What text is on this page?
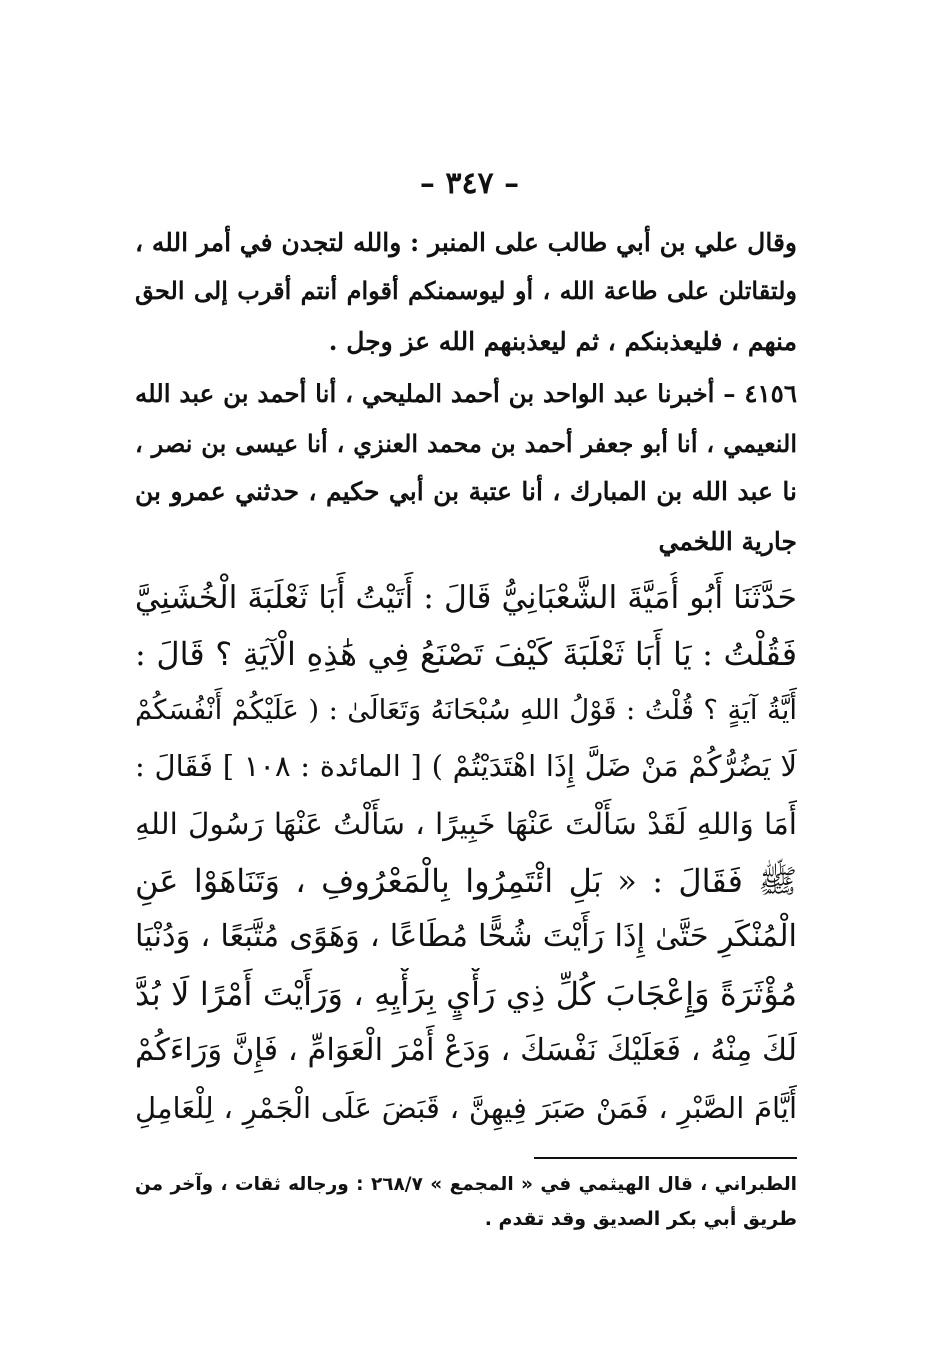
– ٣٤٧ –
وقال علي بن أبي طالب على المنبر : والله لتجدن في أمر الله ،
ولتقاتلن على طاعة الله ، أو ليوسمنكم أقوام أنتم أقرب إلى الحق
منهم ، فليعذبنكم ، ثم ليعذبنهم الله عز وجل .
٤١٥٦ – أخبرنا عبد الواحد بن أحمد المليحي ، أنا أحمد بن عبد الله
النعيمي ، أنا أبو جعفر أحمد بن محمد العنزي ، أنا عيسى بن نصر ،
نا عبد الله بن المبارك ، أنا عتبة بن أبي حكيم ، حدثني عمرو بن
جارية اللخمي
حَدَّثَنَا أَبُو أُمَيَّةَ الشَّعْبَانِيُّ قَالَ : أَتَيْتُ أَبَا ثَعْلَبَةَ الْخُشَنِيَّ
فَقُلْتُ : يَا أَبَا ثَعْلَبَةَ كَيْفَ تَصْنَعُ فِي هَٰذِهِ الْآيَةِ ؟ قَالَ :
أَيَّةُ آيَةٍ ؟ قُلْتُ : قَوْلُ اللهِ سُبْحَانَهُ وَتَعَالَىٰ : ( عَلَيْكُمْ أَنْفُسَكُمْ
لَا يَضُرُّكُمْ مَنْ ضَلَّ إِذَا اهْتَدَيْتُمْ ) [ المائدة : ١٠٨ ] فَقَالَ :
أَمَا وَاللهِ لَقَدْ سَأَلْتَ عَنْهَا خَبِيرًا ، سَأَلْتُ عَنْهَا رَسُولَ اللهِ
ﷺ فَقَالَ : « بَلِ ائْتَمِرُوا بِالْمَعْرُوفِ ، وَتَنَاهَوْا عَنِ
الْمُنْكَرِ حَتَّىٰ إِذَا رَأَيْتَ شُحًّا مُطَاعًا ، وَهَوًى مُتَّبَعًا ، وَدُنْيَا
مُؤْثَرَةً وَإِعْجَابَ كُلِّ ذِي رَأْيٍ بِرَأْيِهِ ، وَرَأَيْتَ أَمْرًا لَا بُدَّ
لَكَ مِنْهُ ، فَعَلَيْكَ نَفْسَكَ ، وَدَعْ أَمْرَ الْعَوَامِّ ، فَإِنَّ وَرَاءَكُمْ
أَيَّامَ الصَّبْرِ ، فَمَنْ صَبَرَ فِيهِنَّ ، قَبَضَ عَلَى الْجَمْرِ ، لِلْعَامِلِ
الطبراني ، قال الهيثمي في « المجمع » ٢٦٨/٧ : ورجاله ثقات ، وآخر من
طريق أبي بكر الصديق وقد تقدم .
